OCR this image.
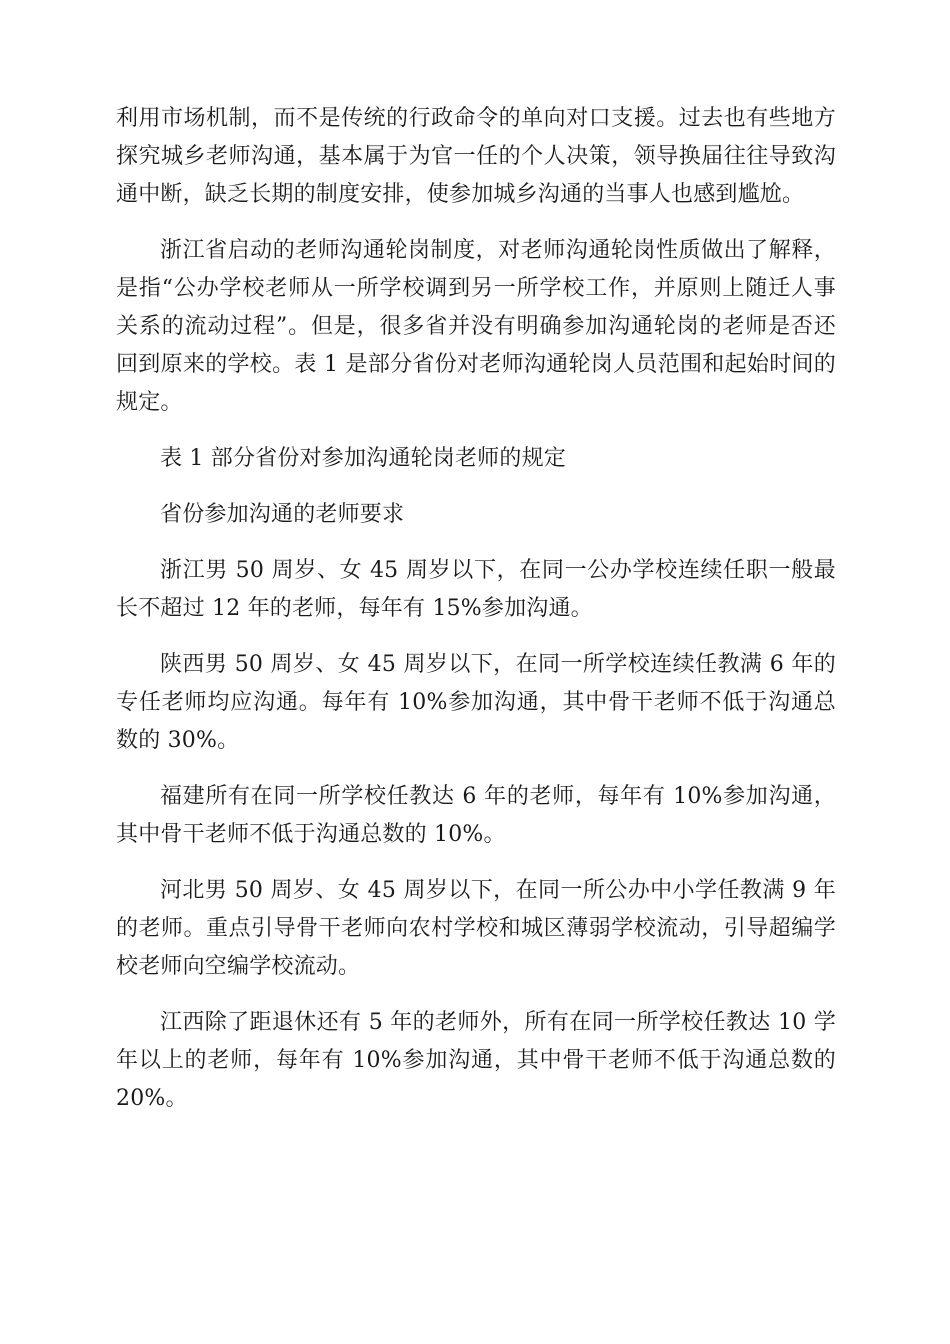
利用市场机制，而不是传统的行政命令的单向对口支援。过去也有些地方探究城乡老师沟通，基本属于为官一任的个人决策，领导换届往往导致沟通中断，缺乏长期的制度安排，使参加城乡沟通的当事人也感到尴尬。

浙江省启动的老师沟通轮岗制度，对老师沟通轮岗性质做出了解释，是指“公办学校老师从一所学校调到另一所学校工作，并原则上随迁人事关系的流动过程”。但是，很多省并没有明确参加沟通轮岗的老师是否还回到原来的学校。表 1 是部分省份对老师沟通轮岗人员范围和起始时间的规定。

表 1 部分省份对参加沟通轮岗老师的规定

省份参加沟通的老师要求

浙江男 50 周岁、女 45 周岁以下，在同一公办学校连续任职一般最长不超过 12 年的老师，每年有 15%参加沟通。

陕西男 50 周岁、女 45 周岁以下，在同一所学校连续任教满 6 年的专任老师均应沟通。每年有 10%参加沟通，其中骨干老师不低于沟通总数的 30%。

福建所有在同一所学校任教达 6 年的老师，每年有 10%参加沟通，其中骨干老师不低于沟通总数的 10%。

河北男 50 周岁、女 45 周岁以下，在同一所公办中小学任教满 9 年的老师。重点引导骨干老师向农村学校和城区薄弱学校流动，引导超编学校老师向空编学校流动。

江西除了距退休还有 5 年的老师外，所有在同一所学校任教达 10 学年以上的老师，每年有 10%参加沟通，其中骨干老师不低于沟通总数的 20%。
